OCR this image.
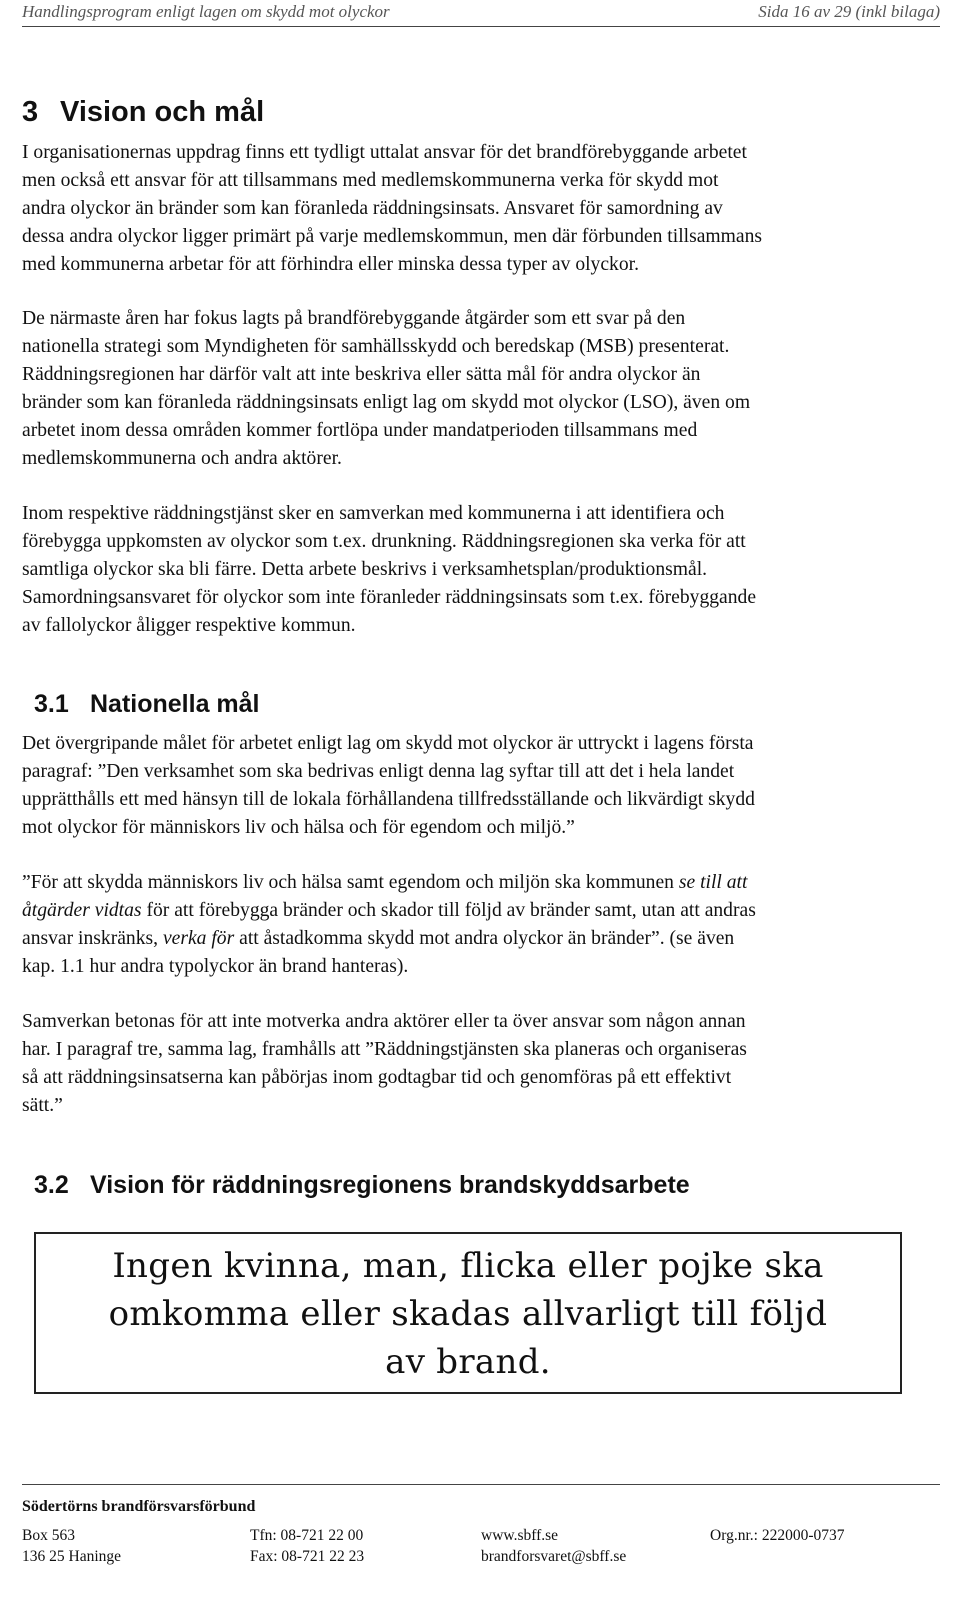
Handlingsprogram enligt lagen om skydd mot olyckor	Sida 16 av 29 (inkl bilaga)
3 Vision och mål
I organisationernas uppdrag finns ett tydligt uttalat ansvar för det brandförebyggande arbetet
men också ett ansvar för att tillsammans med medlemskommunerna verka för skydd mot
andra olyckor än bränder som kan föranleda räddningsinsats. Ansvaret för samordning av
dessa andra olyckor ligger primärt på varje medlemskommun, men där förbunden tillsammans
med kommunerna arbetar för att förhindra eller minska dessa typer av olyckor.
De närmaste åren har fokus lagts på brandförebyggande åtgärder som ett svar på den
nationella strategi som Myndigheten för samhällsskydd och beredskap (MSB) presenterat.
Räddningsregionen har därför valt att inte beskriva eller sätta mål för andra olyckor än
bränder som kan föranleda räddningsinsats enligt lag om skydd mot olyckor (LSO), även om
arbetet inom dessa områden kommer fortlöpa under mandatperioden tillsammans med
medlemskommunerna och andra aktörer.
Inom respektive räddningstjänst sker en samverkan med kommunerna i att identifiera och
förebygga uppkomsten av olyckor som t.ex. drunkning. Räddningsregionen ska verka för att
samtliga olyckor ska bli färre. Detta arbete beskrivs i verksamhetsplan/produktionsmål.
Samordningsansvaret för olyckor som inte föranleder räddningsinsats som t.ex. förebyggande
av fallolyckor åligger respektive kommun.
3.1 Nationella mål
Det övergripande målet för arbetet enligt lag om skydd mot olyckor är uttryckt i lagens första
paragraf: ”Den verksamhet som ska bedrivas enligt denna lag syftar till att det i hela landet
upprätthålls ett med hänsyn till de lokala förhållandena tillfredsställande och likvärdigt skydd
mot olyckor för människors liv och hälsa och för egendom och miljö.”
”För att skydda människors liv och hälsa samt egendom och miljön ska kommunen se till att
åtgärder vidtas för att förebygga bränder och skador till följd av bränder samt, utan att andras
ansvar inskränks, verka för att åstadkomma skydd mot andra olyckor än bränder”. (se även
kap. 1.1 hur andra typolyckor än brand hanteras).
Samverkan betonas för att inte motverka andra aktörer eller ta över ansvar som någon annan
har. I paragraf tre, samma lag, framhålls att ”Räddningstjänsten ska planeras och organiseras
så att räddningsinsatserna kan påbörjas inom godtagbar tid och genomföras på ett effektivt
sätt.”
3.2 Vision för räddningsregionens brandskyddsarbete
Ingen kvinna, man, flicka eller pojke ska
omkomma eller skadas allvarligt till följd
av brand.
Södertörns brandförsvarsförbund
Box 563
136 25 Haninge
Tfn: 08-721 22 00
Fax: 08-721 22 23
www.sbff.se
brandforsvaret@sbff.se
Org.nr.: 222000-0737
